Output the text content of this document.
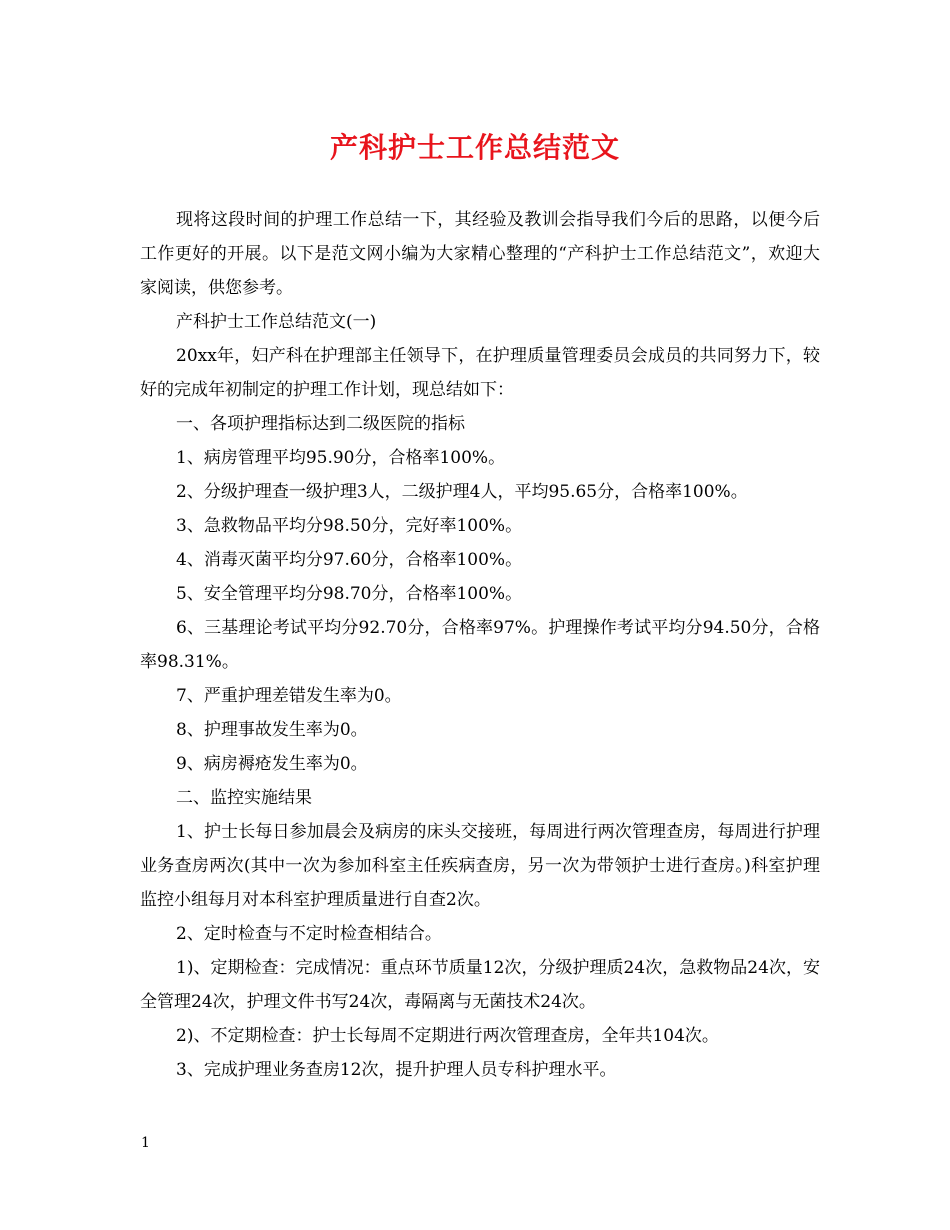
产科护士工作总结范文

现将这段时间的护理工作总结一下，其经验及教训会指导我们今后的思路，以便今后工作更好的开展。以下是范文网小编为大家精心整理的“产科护士工作总结范文”，欢迎大家阅读，供您参考。

产科护士工作总结范文(一)

20xx年，妇产科在护理部主任领导下，在护理质量管理委员会成员的共同努力下，较好的完成年初制定的护理工作计划，现总结如下：

一、各项护理指标达到二级医院的指标

1、病房管理平均95.90分，合格率100%。

2、分级护理查一级护理3人，二级护理4人，平均95.65分，合格率100%。

3、急救物品平均分98.50分，完好率100%。

4、消毒灭菌平均分97.60分，合格率100%。

5、安全管理平均分98.70分，合格率100%。

6、三基理论考试平均分92.70分，合格率97%。护理操作考试平均分94.50分，合格率98.31%。

7、严重护理差错发生率为0。

8、护理事故发生率为0。

9、病房褥疮发生率为0。

二、监控实施结果

1、护士长每日参加晨会及病房的床头交接班，每周进行两次管理查房，每周进行护理业务查房两次(其中一次为参加科室主任疾病查房，另一次为带领护士进行查房。)科室护理监控小组每月对本科室护理质量进行自查2次。

2、定时检查与不定时检查相结合。

1)、定期检查：完成情况：重点环节质量12次，分级护理质24次，急救物品24次，安全管理24次，护理文件书写24次，毒隔离与无菌技术24次。

2)、不定期检查：护士长每周不定期进行两次管理查房，全年共104次。

3、完成护理业务查房12次，提升护理人员专科护理水平。

1
